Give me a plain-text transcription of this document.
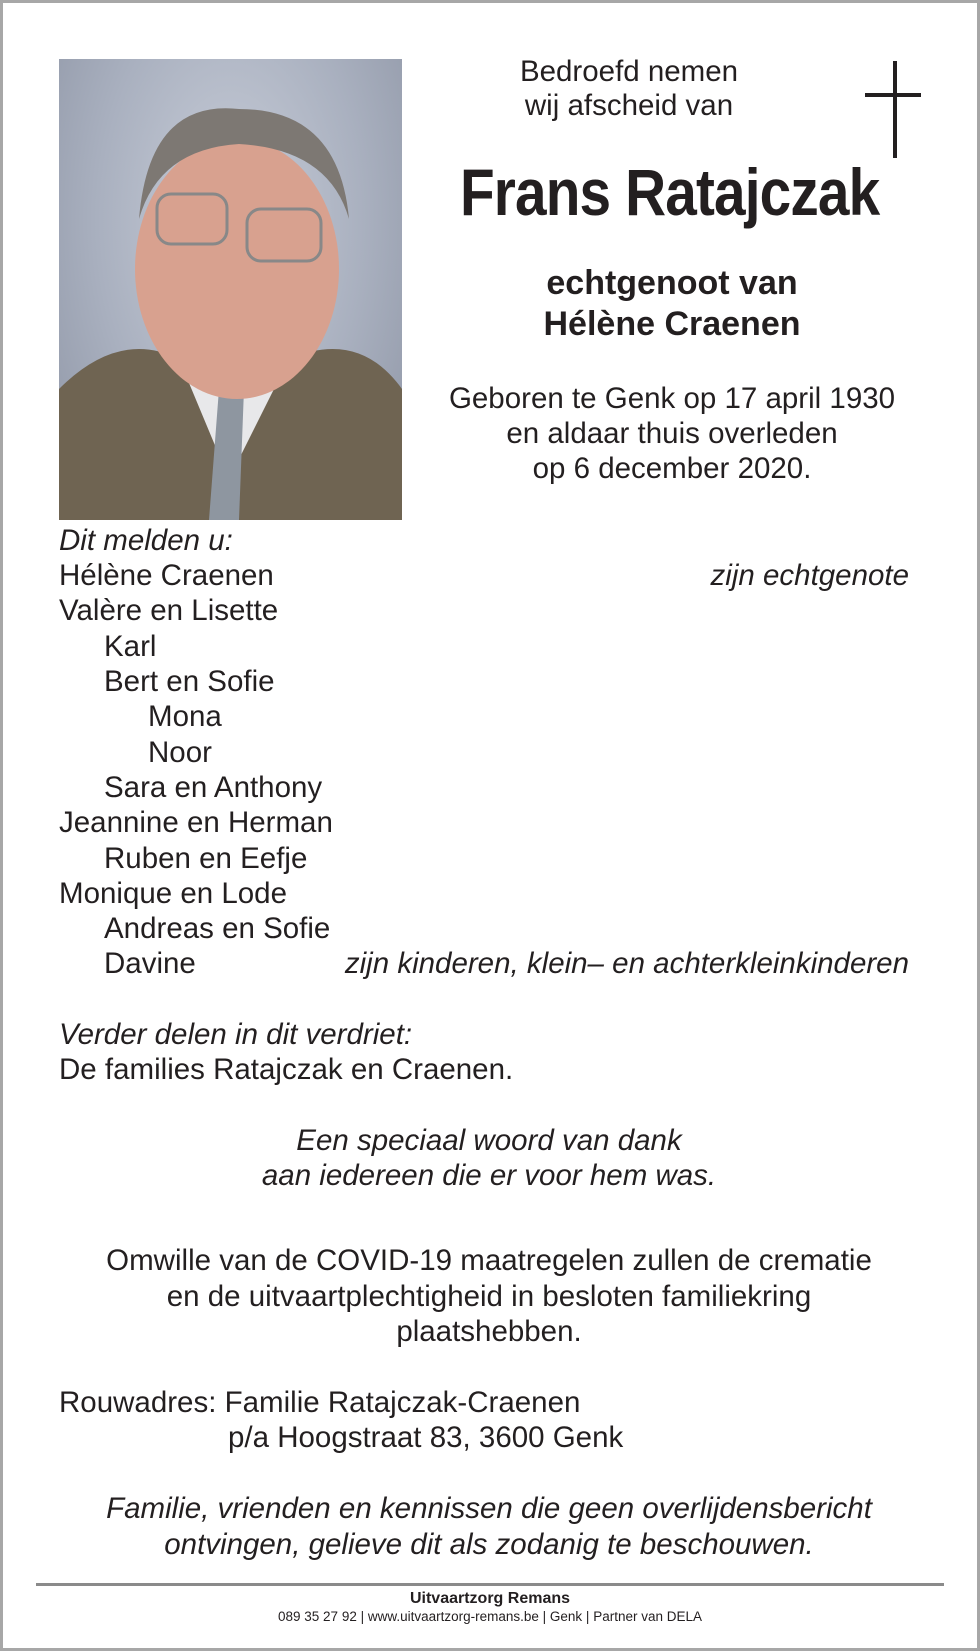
Bedroefd nemen
wij afscheid van
Frans Ratajczak
echtgenoot van
Hélène Craenen
Geboren te Genk op 17 april 1930
en aldaar thuis overleden
op 6 december 2020.
Dit melden u:
Hélène Craenen
Valère en Lisette
Karl
Bert en Sofie
Mona
Noor
Sara en Anthony
Jeannine en Herman
Ruben en Eefje
Monique en Lode
Andreas en Sofie
Davine
zijn echtgenote
zijn kinderen, klein– en achterkleinkinderen
Verder delen in dit verdriet:
De families Ratajczak en Craenen.
Een speciaal woord van dank
aan iedereen die er voor hem was.
Omwille van de COVID-19 maatregelen zullen de crematie
en de uitvaartplechtigheid in besloten familiekring
plaatshebben.
Rouwadres: Familie Ratajczak-Craenen
p/a Hoogstraat 83, 3600 Genk
Familie, vrienden en kennissen die geen overlijdensbericht
ontvingen, gelieve dit als zodanig te beschouwen.
Uitvaartzorg Remans
089 35 27 92 | www.uitvaartzorg-remans.be | Genk | Partner van DELA
